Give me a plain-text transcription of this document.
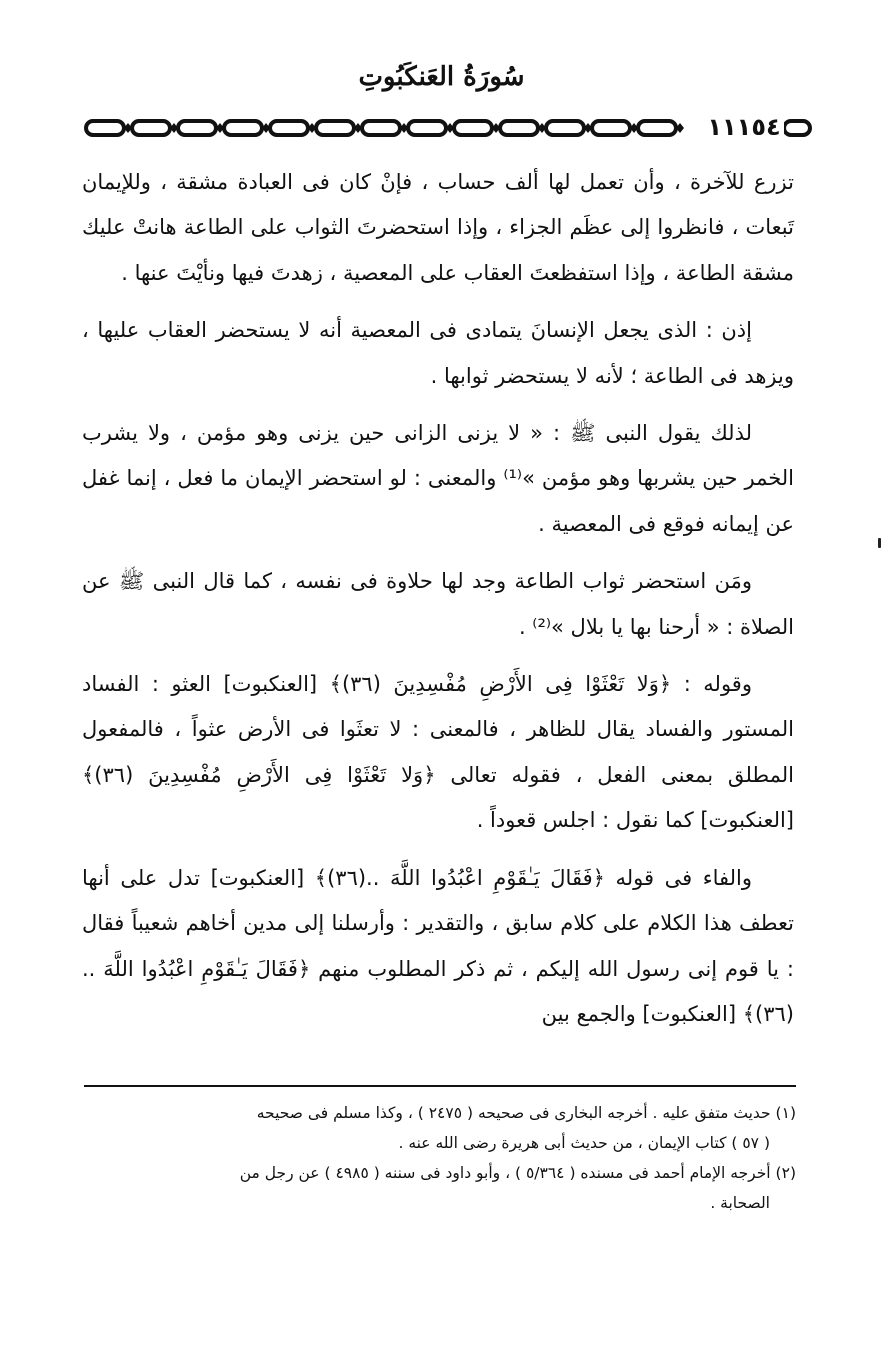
سُورَةُ العَنكَبُوتِ
١١١٥٤

تزرع للآخرة ، وأن تعمل لها ألف حساب ، فإنْ كان فى العبادة مشقة ، وللإيمان تَبعات ، فانظروا إلى عظَم الجزاء ، وإذا استحضرتَ الثواب على الطاعة هانتْ عليك مشقة الطاعة ، وإذا استفظعتَ العقاب على المعصية ، زهدتَ فيها ونأيْتَ عنها .

إذن : الذى يجعل الإنسانَ يتمادى فى المعصية أنه لا يستحضر العقاب عليها ، ويزهد فى الطاعة ؛ لأنه لا يستحضر ثوابها .

لذلك يقول النبى ﷺ : « لا يزنى الزانى حين يزنى وهو مؤمن ، ولا يشرب الخمر حين يشربها وهو مؤمن »⁽¹⁾ والمعنى : لو استحضر الإيمان ما فعل ، إنما غفل عن إيمانه فوقع فى المعصية .

ومَن استحضر ثواب الطاعة وجد لها حلاوة فى نفسه ، كما قال النبى ﷺ عن الصلاة : « أرحنا بها يا بلال »⁽²⁾ .

وقوله : ﴿وَلا تَعْثَوْا فِى الأَرْضِ مُفْسِدِينَ (٣٦)﴾ [العنكبوت] العثو : الفساد المستور والفساد يقال للظاهر ، فالمعنى : لا تعثَوا فى الأرض عثواً ، فالمفعول المطلق بمعنى الفعل ، فقوله تعالى ﴿وَلا تَعْثَوْا فِى الأَرْضِ مُفْسِدِينَ (٣٦)﴾ [العنكبوت] كما نقول : اجلس قعوداً .

والفاء فى قوله ﴿فَقَالَ يَـٰقَوْمِ اعْبُدُوا اللَّهَ ..(٣٦)﴾ [العنكبوت] تدل على أنها تعطف هذا الكلام على كلام سابق ، والتقدير : وأرسلنا إلى مدين أخاهم شعيباً فقال : يا قوم إنى رسول الله إليكم ، ثم ذكر المطلوب منهم ﴿فَقَالَ يَـٰقَوْمِ اعْبُدُوا اللَّهَ ..(٣٦)﴾ [العنكبوت] والجمع بين

(١) حديث متفق عليه . أخرجه البخارى فى صحيحه ( ٢٤٧٥ ) ، وكذا مسلم فى صحيحه
( ٥٧ ) كتاب الإيمان ، من حديث أبى هريرة رضى الله عنه .
(٢) أخرجه الإمام أحمد فى مسنده ( ٥/٣٦٤ ) ، وأبو داود فى سننه ( ٤٩٨٥ ) عن رجل من
الصحابة .
